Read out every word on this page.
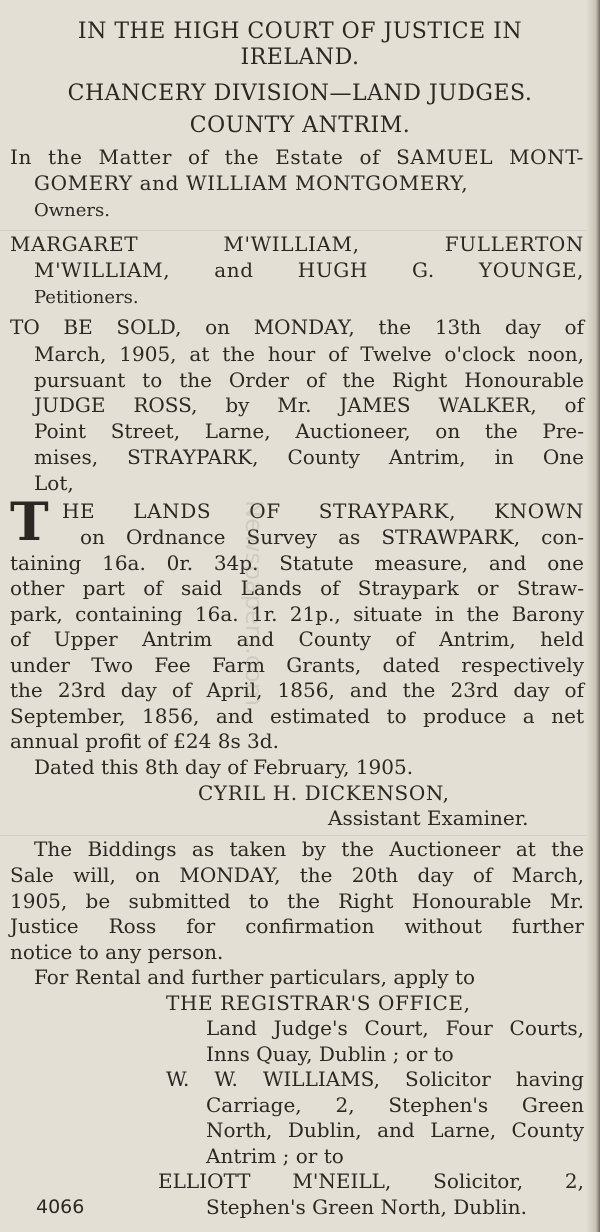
IN THE HIGH COURT OF JUSTICE IN
IRELAND.
CHANCERY DIVISION—LAND JUDGES.
COUNTY ANTRIM.
In the Matter of the Estate of SAMUEL MONT-
GOMERY and WILLIAM MONTGOMERY,
Owners.
MARGARET M'WILLIAM, FULLERTON
M'WILLIAM, and HUGH G. YOUNGE,
Petitioners.
TO BE SOLD, on MONDAY, the 13th day of
March, 1905, at the hour of Twelve o'clock noon,
pursuant to the Order of the Right Honourable
JUDGE ROSS, by Mr. JAMES WALKER, of
Point Street, Larne, Auctioneer, on the Pre-
mises, STRAYPARK, County Antrim, in One
Lot,
T HE LANDS OF STRAYPARK, KNOWN
on Ordnance Survey as STRAWPARK, con-
taining 16a. 0r. 34p. Statute measure, and one
other part of said Lands of Straypark or Straw-
park, containing 16a. 1r. 21p., situate in the Barony
of Upper Antrim and County of Antrim, held
under Two Fee Farm Grants, dated respectively
the 23rd day of April, 1856, and the 23rd day of
September, 1856, and estimated to produce a net
annual profit of £24 8s 3d.
Dated this 8th day of February, 1905.
CYRIL H. DICKENSON,
Assistant Examiner.
The Biddings as taken by the Auctioneer at the
Sale will, on MONDAY, the 20th day of March,
1905, be submitted to the Right Honourable Mr.
Justice Ross for confirmation without further
notice to any person.
For Rental and further particulars, apply to
THE REGISTRAR'S OFFICE,
Land Judge's Court, Four Courts,
Inns Quay, Dublin ; or to
W. W. WILLIAMS, Solicitor having
Carriage, 2, Stephen's Green
North, Dublin, and Larne, County
Antrim ; or to
ELLIOTT M'NEILL, Solicitor, 2,
Stephen's Green North, Dublin.
4066
Newspapers.com
